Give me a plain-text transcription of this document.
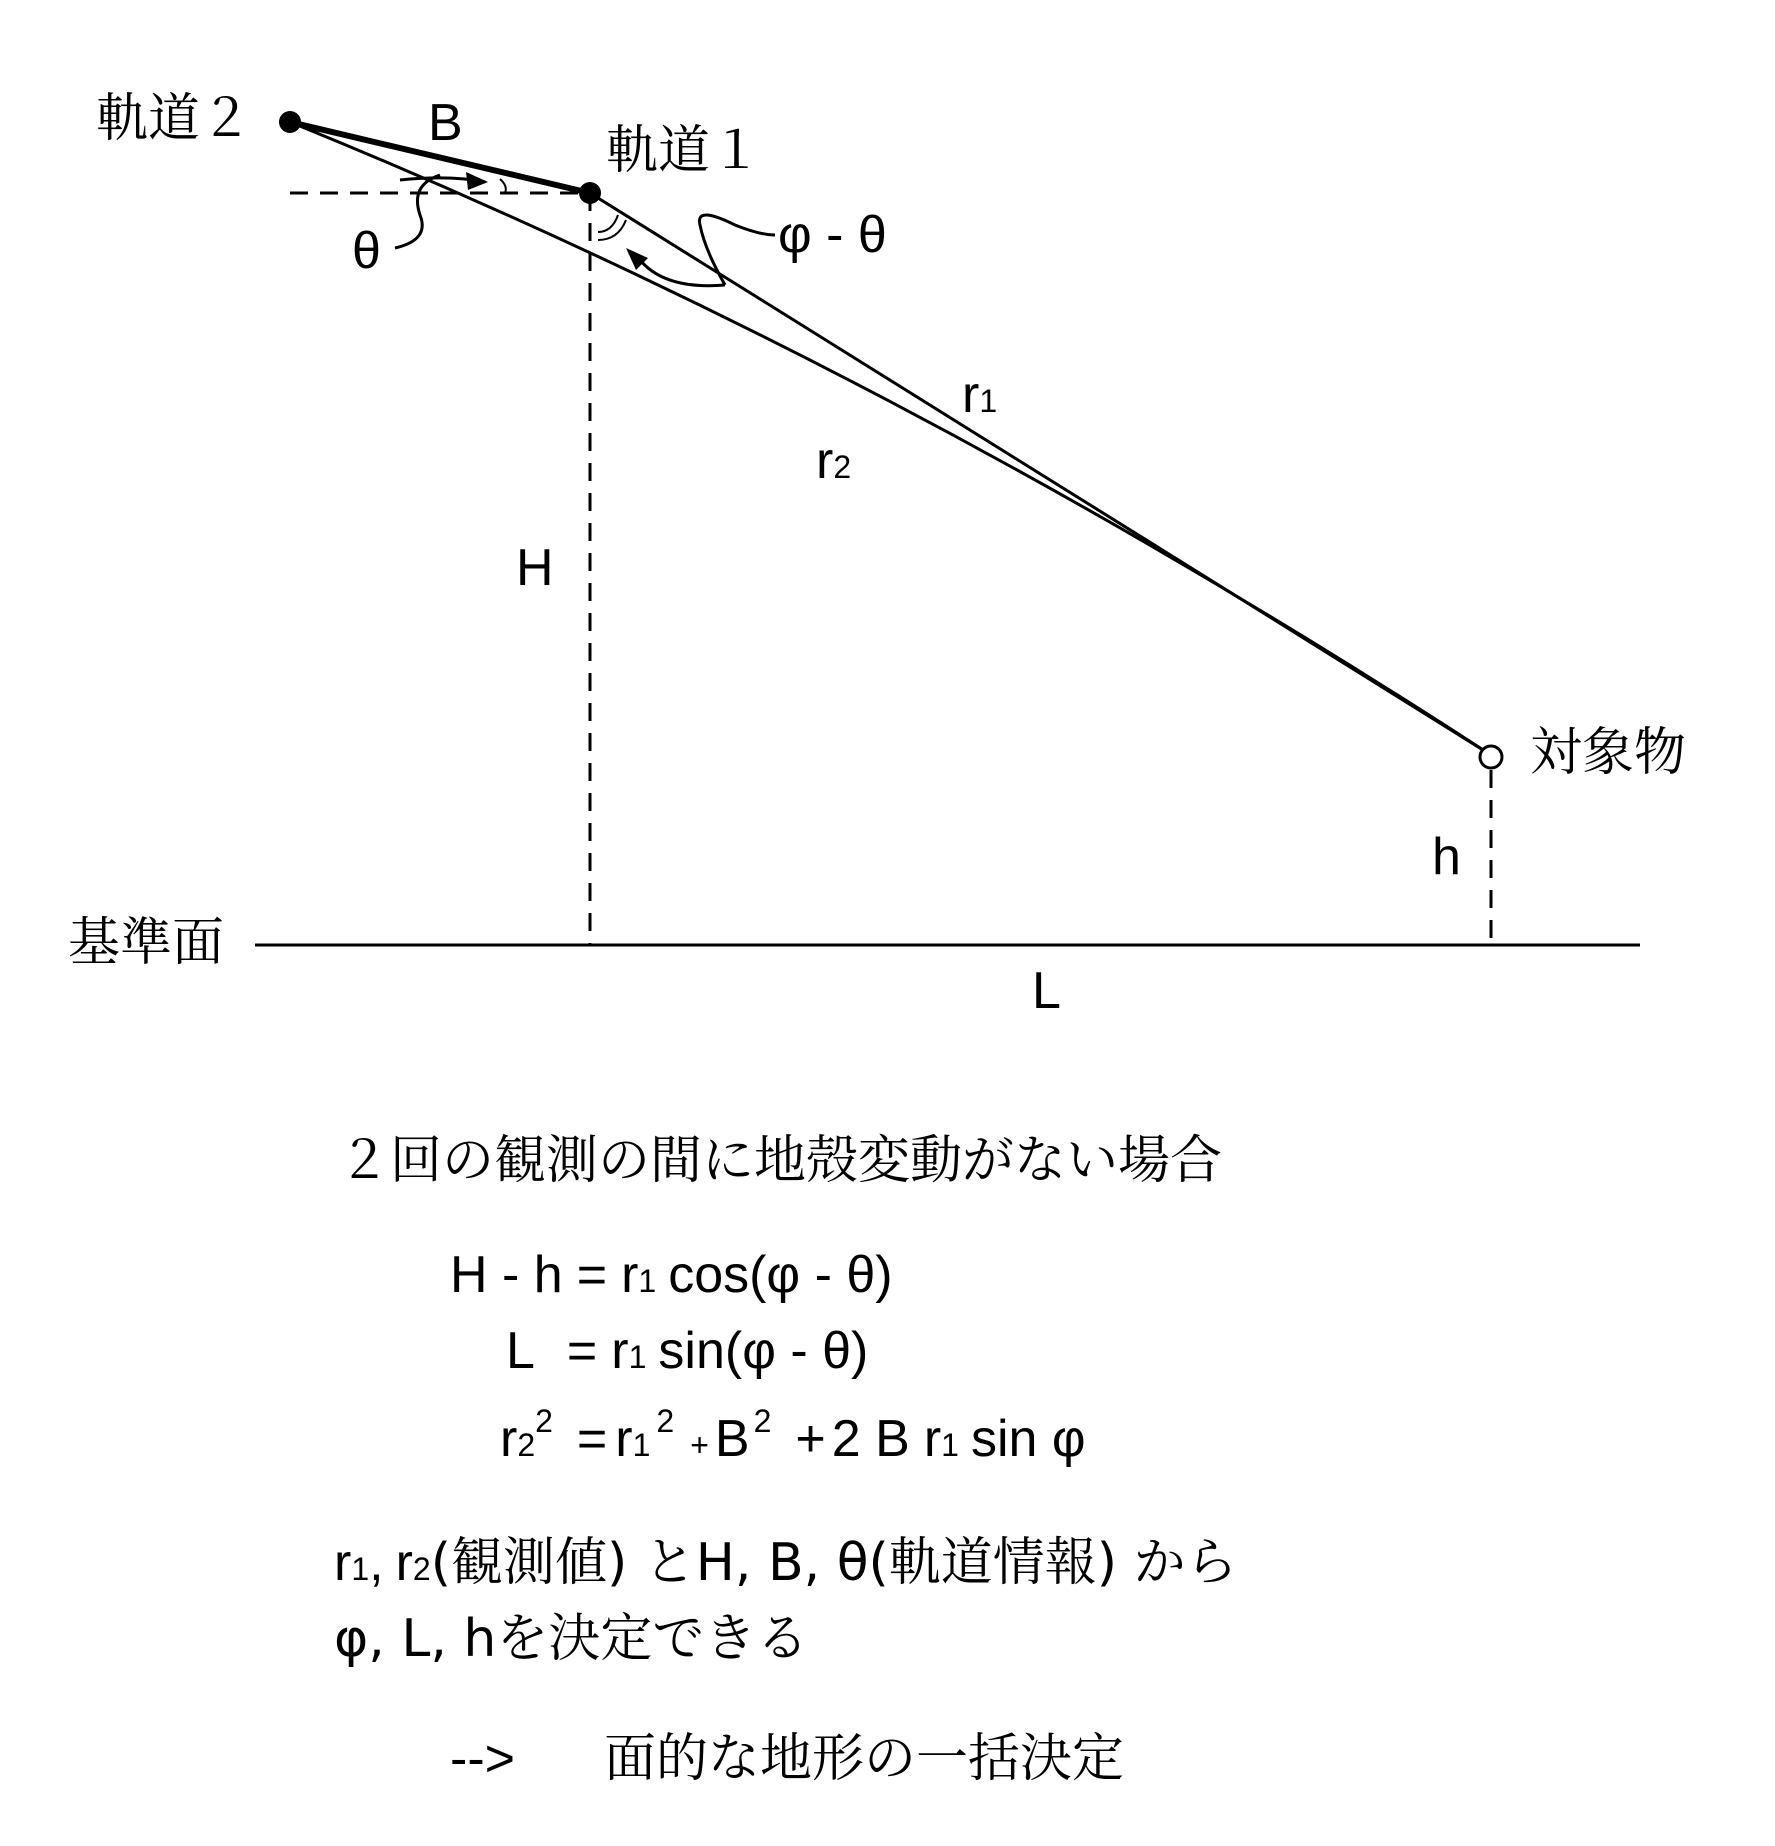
軌道２
軌道１
B
θ	φ - θ
r1
r2
H
対象物
h
基準面
L
２回の観測の間に地殻変動がない場合
H - h = r1 cos(φ - θ)
L = r1 sin(φ - θ)
r22 = r12+ B 2 + 2 B r1 sin φ
r1, r2(観測値) とH, B, θ(軌道情報) から
φ, L, hを決定できる
--> 面的な地形の一括決定
